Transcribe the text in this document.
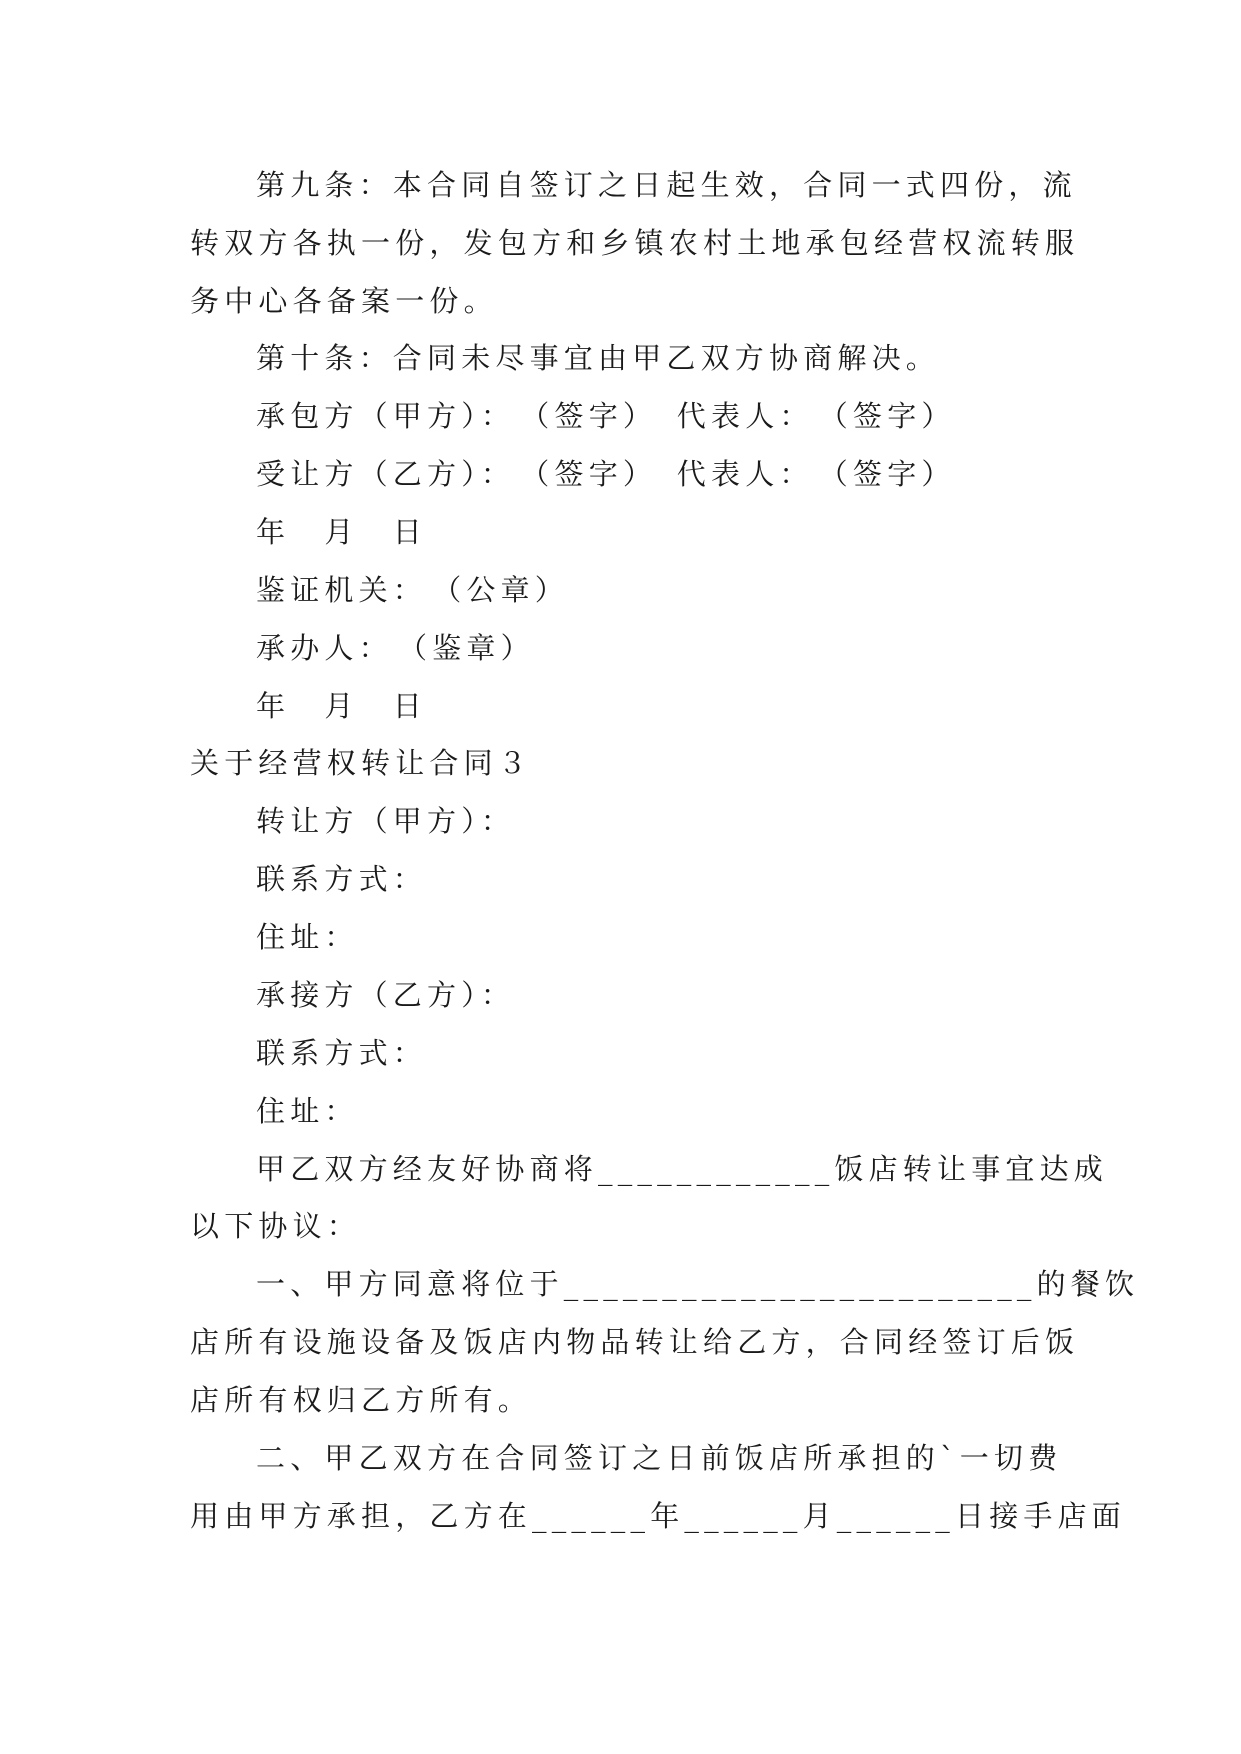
第九条：本合同自签订之日起生效，合同一式四份，流
转双方各执一份，发包方和乡镇农村土地承包经营权流转服
务中心各备案一份。
第十条：合同未尽事宜由甲乙双方协商解决。
承包方（甲方）：　（签字）　代表人：　（签字）
受让方（乙方）：　（签字）　代表人：　（签字）
年　月　日
鉴证机关：　（公章）
承办人：　（鉴章）
年　月　日
关于经营权转让合同３
转让方（甲方）：
联系方式：
住址：
承接方（乙方）：
联系方式：
住址：
甲乙双方经友好协商将____________饭店转让事宜达成
以下协议：
一、甲方同意将位于________________________的餐饮
店所有设施设备及饭店内物品转让给乙方，合同经签订后饭
店所有权归乙方所有。
二、甲乙双方在合同签订之日前饭店所承担的`一切费
用由甲方承担，乙方在______年______月______日接手店面
